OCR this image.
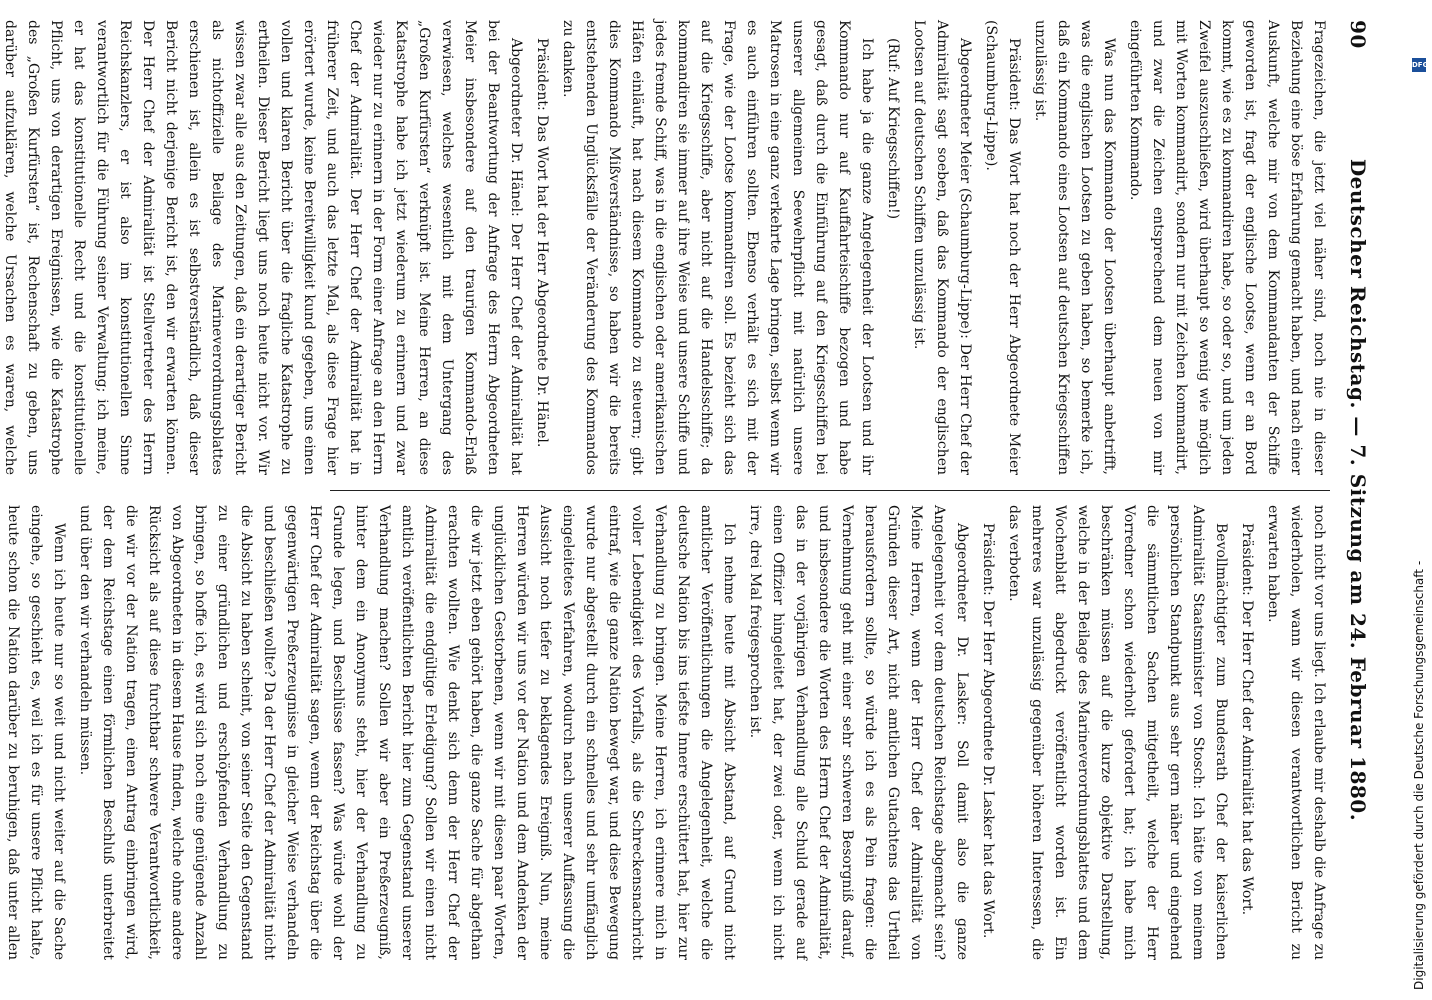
90
Deutscher Reichstag. — 7. Sitzung am 24. Februar 1880.

Fragezeichen, die jetzt viel näher sind, noch nie in dieser Beziehung eine böse Erfahrung gemacht haben, und nach einer Auskunft, welche mir von dem Kommandanten der Schiffe geworden ist, fragt der englische Lootse, wenn er an Bord kommt, wie es zu kommandiren habe, so oder so, und um jeden Zweifel auszuschließen, wird überhaupt so wenig wie möglich mit Worten kommandirt, sondern nur mit Zeichen kommandirt, und zwar die Zeichen entsprechend dem neuen von mir eingeführten Kommando.

Was nun das Kommando der Lootsen überhaupt anbetrifft, was die englischen Lootsen zu geben haben, so bemerke ich, daß ein Kommando eines Lootsen auf deutschen Kriegsschiffen unzulässig ist.

Präsident: Das Wort hat noch der Herr Abgeordnete Meier (Schaumburg-Lippe).

Abgeordneter Meier (Schaumburg-Lippe): Der Herr Chef der Admiralität sagt soeben, daß das Kommando der englischen Lootsen auf deutschen Schiffen unzulässig ist.

(Ruf: Auf Kriegsschiffen!)

Ich habe ja die ganze Angelegenheit der Lootsen und ihr Kommando nur auf Kauffahrteischiffe bezogen und habe gesagt, daß durch die Einführung auf den Kriegsschiffen bei unserer allgemeinen Seewehrpflicht mit natürlich unsere Matrosen in eine ganz verkehrte Lage bringen, selbst wenn wir es auch einführen sollten. Ebenso verhält es sich mit der Frage, wie der Lootse kommandiren soll. Es bezieht sich das auf die Kriegsschiffe, aber nicht auf die Handelsschiffe; da kommandiren sie immer auf ihre Weise und unsere Schiffe und jedes fremde Schiff, was in die englischen oder amerikanischen Häfen einläuft, hat nach diesem Kommando zu steuern; gibt dies Kommando Mißverständnisse, so haben wir die bereits entstehenden Unglücksfälle der Veränderung des Kommandos zu danken.

Präsident: Das Wort hat der Herr Abgeordnete Dr. Hänel.

Abgeordneter Dr. Hänel: Der Herr Chef der Admiralität hat bei der Beantwortung der Anfrage des Herrn Abgeordneten Meier insbesondere auf den traurigen Kommando-Erlaß verwiesen, welches wesentlich mit dem Untergang des „Großen Kurfürsten“ verknüpft ist. Meine Herren, an diese Katastrophe habe ich jetzt wiederum zu erinnern und zwar wieder nur zu erinnern in der Form einer Anfrage an den Herrn Chef der Admiralität. Der Herr Chef der Admiralität hat in früherer Zeit, und auch das letzte Mal, als diese Frage hier erörtert wurde, keine Bereitwilligkeit kund gegeben, uns einen vollen und klaren Bericht über die fragliche Katastrophe zu ertheilen. Dieser Bericht liegt uns noch heute nicht vor. Wir wissen zwar alle aus den Zeitungen, daß ein derartiger Bericht als nichtoffizielle Beilage des Marineverordnungsblattes erschienen ist, allein es ist selbstverständlich, daß dieser Bericht nicht derjenige Bericht ist, den wir erwarten können. Der Herr Chef der Admiralität ist Stellvertreter des Herrn Reichskanzlers, er ist also im konstitutionellen Sinne verantwortlich für die Führung seiner Verwaltung; ich meine, er hat das konstitutionelle Recht und die konstitutionelle Pflicht, uns von derartigen Ereignissen, wie die Katastrophe des „Großen Kurfürsten“ ist, Rechenschaft zu geben, uns darüber aufzuklären, welche Ursachen es waren, welche

noch nicht vor uns liegt. Ich erlaube mir deshalb die Anfrage zu wiederholen, wann wir diesen verantwortlichen Bericht zu erwarten haben.

Präsident: Der Herr Chef der Admiralität hat das Wort.

Bevollmächtigter zum Bundesrath Chef der kaiserlichen Admiralität Staatsminister von Stosch: Ich hätte von meinem persönlichen Standpunkt aus sehr gern näher und eingehend die sämmtlichen Sachen mitgetheilt, welche der Herr Vorredner schon wiederholt gefordert hat; ich habe mich beschränken müssen auf die kurze objektive Darstellung, welche in der Beilage des Marineverordnungsblattes und dem Wochenblatt abgedruckt veröffentlicht worden ist. Ein mehreres war unzulässig gegenüber höheren Interessen, die das verboten.

Präsident: Der Herr Abgeordnete Dr. Lasker hat das Wort.

Abgeordneter Dr. Lasker: Soll damit also die ganze Angelegenheit vor dem deutschen Reichstage abgemacht sein? Meine Herren, wenn der Herr Chef der Admiralität von Gründen dieser Art, nicht amtlichen Gutachtens das Urtheil herausfordern sollte, so würde ich es als Pein fragen: die Vernehmung geht mit einer sehr schweren Besorgniß darauf, und insbesondere die Worten des Herrn Chef der Admiralität, das in der vorjährigen Verhandlung alle Schuld gerade auf einen Offizier hingeleitet hat, der zwei oder, wenn ich nicht irre, drei Mal freigesprochen ist.

Ich nehme heute mit Absicht Abstand, auf Grund nicht amtlicher Veröffentlichungen die Angelegenheit, welche die deutsche Nation bis ins tiefste Innere erschüttert hat, hier zur Verhandlung zu bringen. Meine Herren, ich erinnere mich in voller Lebendigkeit des Vorfalls, als die Schreckensnachricht eintraf, wie die ganze Nation bewegt war, und diese Bewegung wurde nur abgestellt durch ein schnelles und sehr umfänglich eingeleitetes Verfahren, wodurch nach unserer Auffassung die Aussicht noch tiefer zu beklagendes Ereigniß. Nun, meine Herren würden wir uns vor der Nation und dem Andenken der unglücklichen Gestorbenen, wenn wir mit diesen paar Worten, die wir jetzt eben gehört haben, die ganze Sache für abgethan erachten wollten. Wie denkt sich denn der Herr Chef der Admiralität die endgültige Erledigung? Sollen wir einen nicht amtlich veröffentlichten Bericht hier zum Gegenstand unserer Verhandlung machen? Sollen wir aber ein Preßerzeugniß, hinter dem ein Anonymus steht, hier der Verhandlung zu Grunde legen, und Beschlüsse fassen? Was würde wohl der Herr Chef der Admiralität sagen, wenn der Reichstag über die gegenwärtigen Preßerzeugnisse in gleicher Weise verhandeln und beschließen wollte? Da der Herr Chef der Admiralität nicht die Absicht zu haben scheint, von seiner Seite den Gegenstand zu einer gründlichen und erschöpfenden Verhandlung zu bringen, so hoffe ich, es wird sich noch eine genügende Anzahl von Abgeordneten in diesem Hause finden, welche ohne andere Rücksicht als auf diese furchtbar schwere Verantwortlichkeit, die wir vor der Nation tragen, einen Antrag einbringen wird, der dem Reichstage einen förmlichen Beschluß unterbreitet und über den wir verhandeln müssen.

Wenn ich heute nur so weit und nicht weiter auf die Sache eingehe, so geschieht es, weil ich es für unsere Pflicht halte, heute schon die Nation darüber zu beruhigen, daß unter allen	Digitalisierung gefördert durch die Deutsche Forschungsgemeinschaft -
DFG
